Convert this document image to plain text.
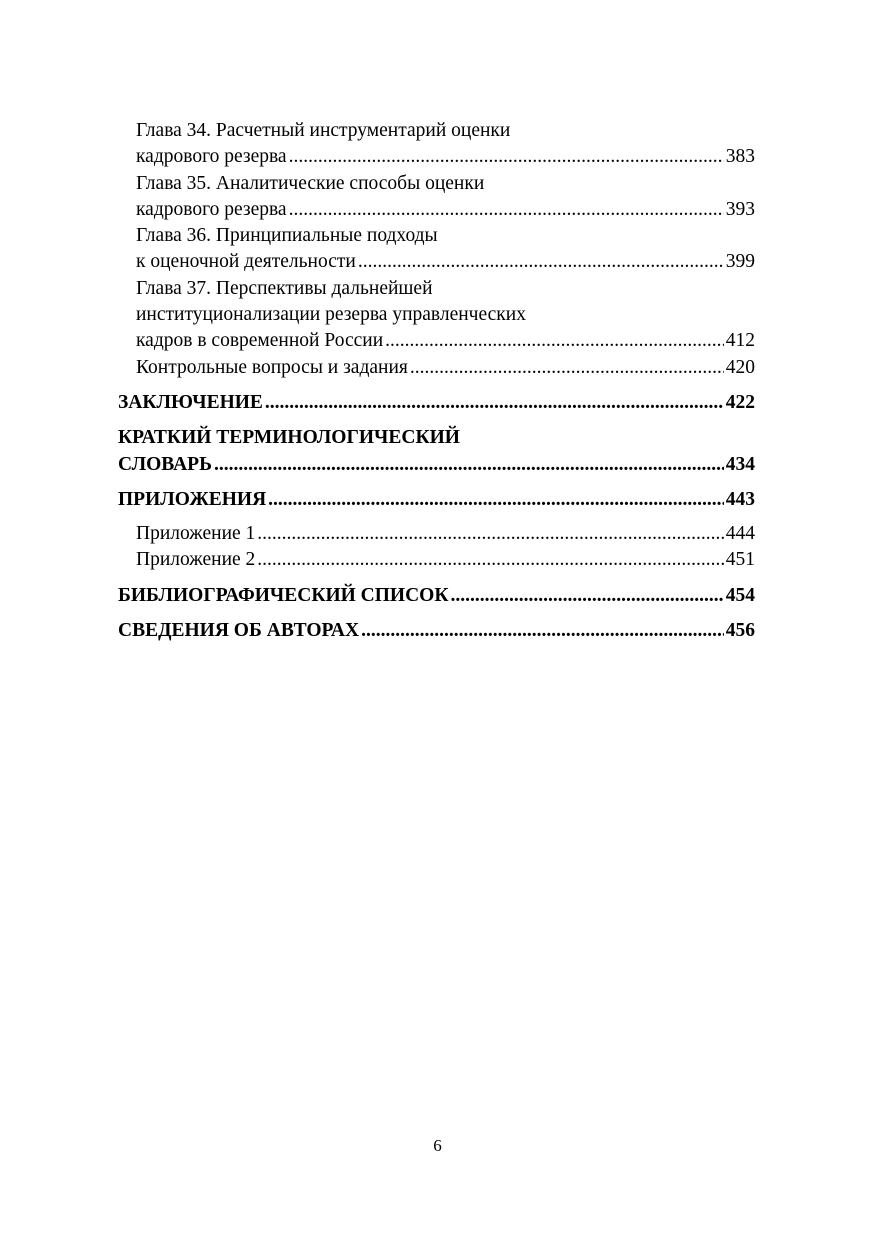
Глава 34. Расчетный инструментарий оценки
кадрового резерва .....	383
Глава 35. Аналитические способы оценки
кадрового резерва .....	393
Глава 36. Принципиальные подходы
к оценочной деятельности .....	399
Глава 37. Перспективы дальнейшей
институционализации резерва управленческих
кадров в современной России .....	412
Контрольные вопросы и задания .....	420
ЗАКЛЮЧЕНИЕ .....	422
КРАТКИЙ ТЕРМИНОЛОГИЧЕСКИЙ
СЛОВАРЬ .....	434
ПРИЛОЖЕНИЯ .....	443
Приложение 1 .....	444
Приложение 2 .....	451
БИБЛИОГРАФИЧЕСКИЙ СПИСОК .....	454
СВЕДЕНИЯ ОБ АВТОРАХ .....	456
6
